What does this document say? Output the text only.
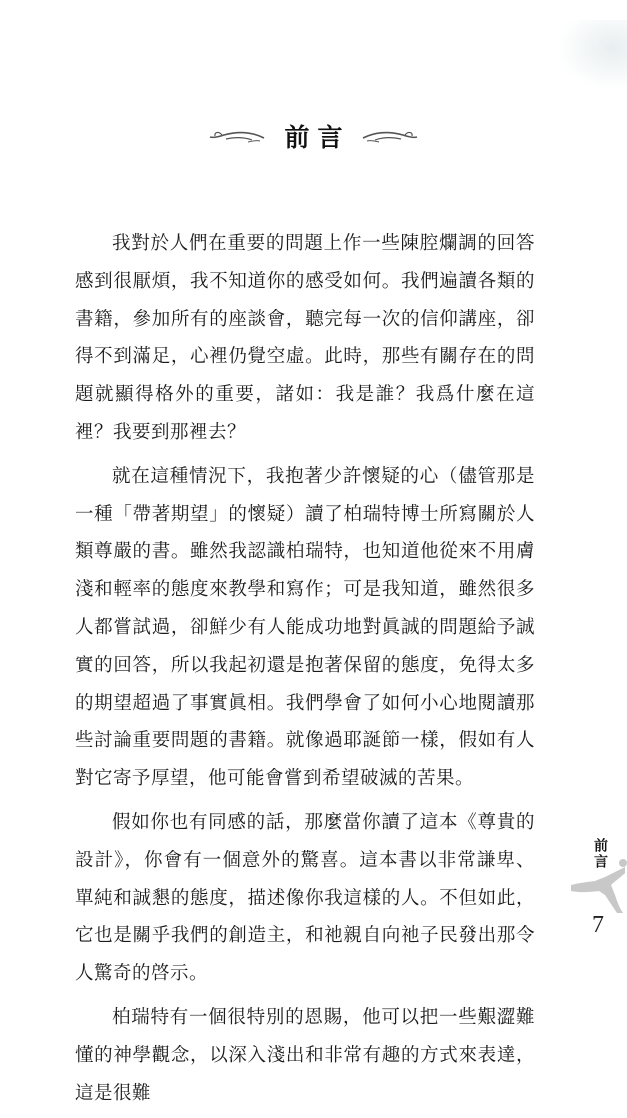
前言

我對於人們在重要的問題上作一些陳腔爛調的回答感到很厭煩，我不知道你的感受如何。我們遍讀各類的書籍，參加所有的座談會，聽完每一次的信仰講座，卻得不到滿足，心裡仍覺空虛。此時，那些有關存在的問題就顯得格外的重要，諸如：我是誰？我爲什麼在這裡？我要到那裡去？

就在這種情況下，我抱著少許懷疑的心（儘管那是一種「帶著期望」的懷疑）讀了柏瑞特博士所寫關於人類尊嚴的書。雖然我認識柏瑞特，也知道他從來不用膚淺和輕率的態度來教學和寫作；可是我知道，雖然很多人都嘗試過，卻鮮少有人能成功地對眞誠的問題給予誠實的回答，所以我起初還是抱著保留的態度，免得太多的期望超過了事實眞相。我們學會了如何小心地閱讀那些討論重要問題的書籍。就像過耶誕節一樣，假如有人對它寄予厚望，他可能會嘗到希望破滅的苦果。

假如你也有同感的話，那麼當你讀了這本《尊貴的設計》，你會有一個意外的驚喜。這本書以非常謙卑、單純和誠懇的態度，描述像你我這樣的人。不但如此，它也是關乎我們的創造主，和祂親自向祂子民發出那令人驚奇的啓示。

柏瑞特有一個很特別的恩賜，他可以把一些艱澀難懂的神學觀念，以深入淺出和非常有趣的方式來表達，這是很難

前言
7
